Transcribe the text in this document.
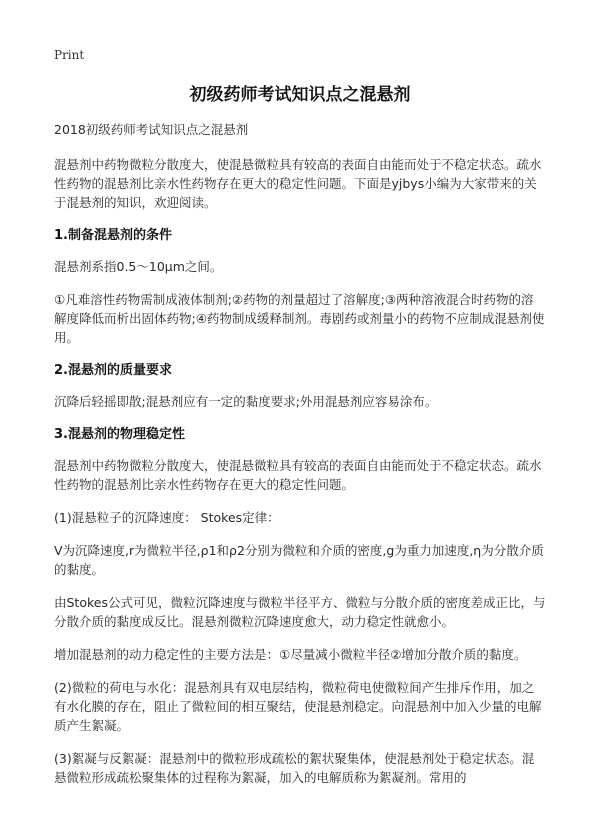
Print
初级药师考试知识点之混悬剂

2018初级药师考试知识点之混悬剂

混悬剂中药物微粒分散度大，使混悬微粒具有较高的表面自由能而处于不稳定状态。疏水性药物的混悬剂比亲水性药物存在更大的稳定性问题。下面是yjbys小编为大家带来的关于混悬剂的知识，欢迎阅读。

1.制备混悬剂的条件

混悬剂系指0.5～10μm之间。

①凡难溶性药物需制成液体制剂;②药物的剂量超过了溶解度;③两种溶液混合时药物的溶解度降低而析出固体药物;④药物制成缓释制剂。毒剧药或剂量小的药物不应制成混悬剂使用。

2.混悬剂的质量要求

沉降后轻摇即散;混悬剂应有一定的黏度要求;外用混悬剂应容易涂布。

3.混悬剂的物理稳定性

混悬剂中药物微粒分散度大，使混悬微粒具有较高的表面自由能而处于不稳定状态。疏水性药物的混悬剂比亲水性药物存在更大的稳定性问题。

(1)混悬粒子的沉降速度： Stokes定律：

V为沉降速度,r为微粒半径,ρ1和ρ2分别为微粒和介质的密度,g为重力加速度,η为分散介质的黏度。

由Stokes公式可见，微粒沉降速度与微粒半径平方、微粒与分散介质的密度差成正比，与分散介质的黏度成反比。混悬剂微粒沉降速度愈大，动力稳定性就愈小。

增加混悬剂的动力稳定性的主要方法是：①尽量减小微粒半径②增加分散介质的黏度。

(2)微粒的荷电与水化：混悬剂具有双电层结构，微粒荷电使微粒间产生排斥作用，加之有水化膜的存在，阻止了微粒间的相互聚结，使混悬剂稳定。向混悬剂中加入少量的电解质产生絮凝。

(3)絮凝与反絮凝：混悬剂中的微粒形成疏松的絮状聚集体，使混悬剂处于稳定状态。混悬微粒形成疏松聚集体的过程称为絮凝，加入的电解质称为絮凝剂。常用的
